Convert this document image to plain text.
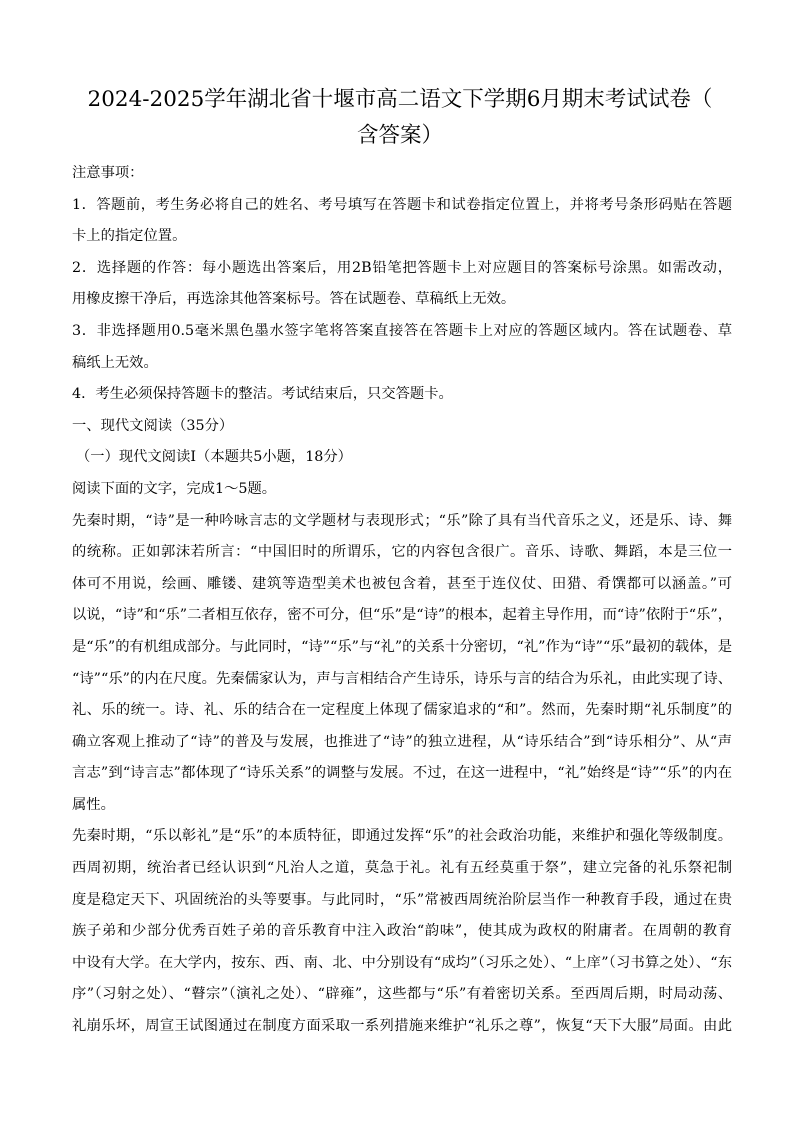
2024-2025学年湖北省十堰市高二语文下学期6月期末考试试卷（
含答案）
注意事项：
1．答题前，考生务必将自己的姓名、考号填写在答题卡和试卷指定位置上，并将考号条形码贴在答题
卡上的指定位置。
2．选择题的作答：每小题选出答案后，用2B铅笔把答题卡上对应题目的答案标号涂黑。如需改动，
用橡皮擦干净后，再选涂其他答案标号。答在试题卷、草稿纸上无效。
3．非选择题用0.5毫米黑色墨水签字笔将答案直接答在答题卡上对应的答题区域内。答在试题卷、草
稿纸上无效。
4．考生必须保持答题卡的整洁。考试结束后，只交答题卡。
一、现代文阅读（35分）
（一）现代文阅读Ⅰ（本题共5小题，18分）
阅读下面的文字，完成1～5题。
先秦时期，“诗”是一种吟咏言志的文学题材与表现形式；“乐”除了具有当代音乐之义，还是乐、诗、舞
的统称。正如郭沫若所言：“中国旧时的所谓乐，它的内容包含很广。音乐、诗歌、舞蹈，本是三位一
体可不用说，绘画、雕镂、建筑等造型美术也被包含着，甚至于连仪仗、田猎、肴馔都可以涵盖。”可
以说，“诗”和“乐”二者相互依存，密不可分，但“乐”是“诗”的根本，起着主导作用，而“诗”依附于“乐”，
是“乐”的有机组成部分。与此同时，“诗”“乐”与“礼”的关系十分密切，“礼”作为“诗”“乐”最初的载体，是
“诗”“乐”的内在尺度。先秦儒家认为，声与言相结合产生诗乐，诗乐与言的结合为乐礼，由此实现了诗、
礼、乐的统一。诗、礼、乐的结合在一定程度上体现了儒家追求的“和”。然而，先秦时期“礼乐制度”的
确立客观上推动了“诗”的普及与发展，也推进了“诗”的独立进程，从“诗乐结合”到“诗乐相分”、从“声
言志”到“诗言志”都体现了“诗乐关系”的调整与发展。不过，在这一进程中，“礼”始终是“诗”“乐”的内在
属性。
先秦时期，“乐以彰礼”是“乐”的本质特征，即通过发挥“乐”的社会政治功能，来维护和强化等级制度。
西周初期，统治者已经认识到“凡治人之道，莫急于礼。礼有五经莫重于祭”，建立完备的礼乐祭祀制
度是稳定天下、巩固统治的头等要事。与此同时，“乐”常被西周统治阶层当作一种教育手段，通过在贵
族子弟和少部分优秀百姓子弟的音乐教育中注入政治“韵味”，使其成为政权的附庸者。在周朝的教育
中设有大学。在大学内，按东、西、南、北、中分别设有“成均”（习乐之处）、“上庠”（习书算之处）、“东
序”（习射之处）、“瞽宗”（演礼之处）、“辟雍”，这些都与“乐”有着密切关系。至西周后期，时局动荡、
礼崩乐坏，周宣王试图通过在制度方面采取一系列措施来维护“礼乐之尊”，恢复“天下大服”局面。由此
